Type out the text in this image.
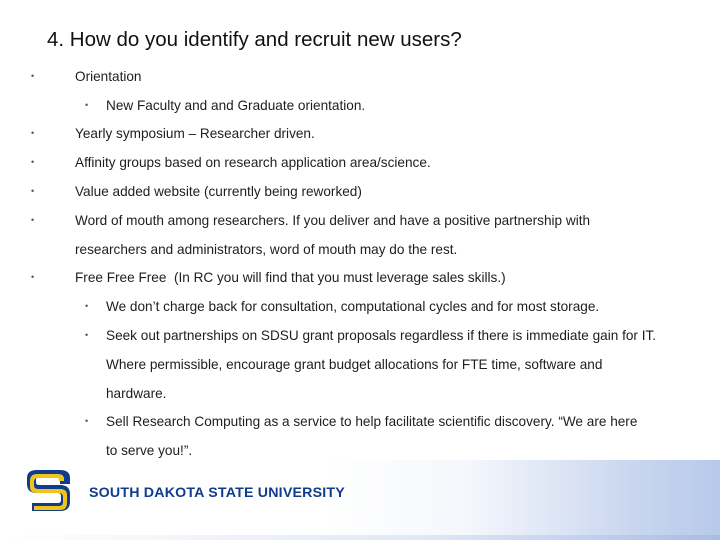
4. How do you identify and recruit new users?
•	Orientation
• New Faculty and and Graduate orientation.
•	Yearly symposium – Researcher driven.
•	Affinity groups based on research application area/science.
•	Value added website (currently being reworked)
•	Word of mouth among researchers. If you deliver and have a positive partnership with researchers and administrators, word of mouth may do the rest.
•	Free Free Free  (In RC you will find that you must leverage sales skills.)
• We don’t charge back for consultation, computational cycles and for most storage.
• Seek out partnerships on SDSU grant proposals regardless if there is immediate gain for IT. Where permissible, encourage grant budget allocations for FTE time, software and hardware.
• Sell Research Computing as a service to help facilitate scientific discovery. “We are here to serve you!”.
SOUTH DAKOTA STATE UNIVERSITY
